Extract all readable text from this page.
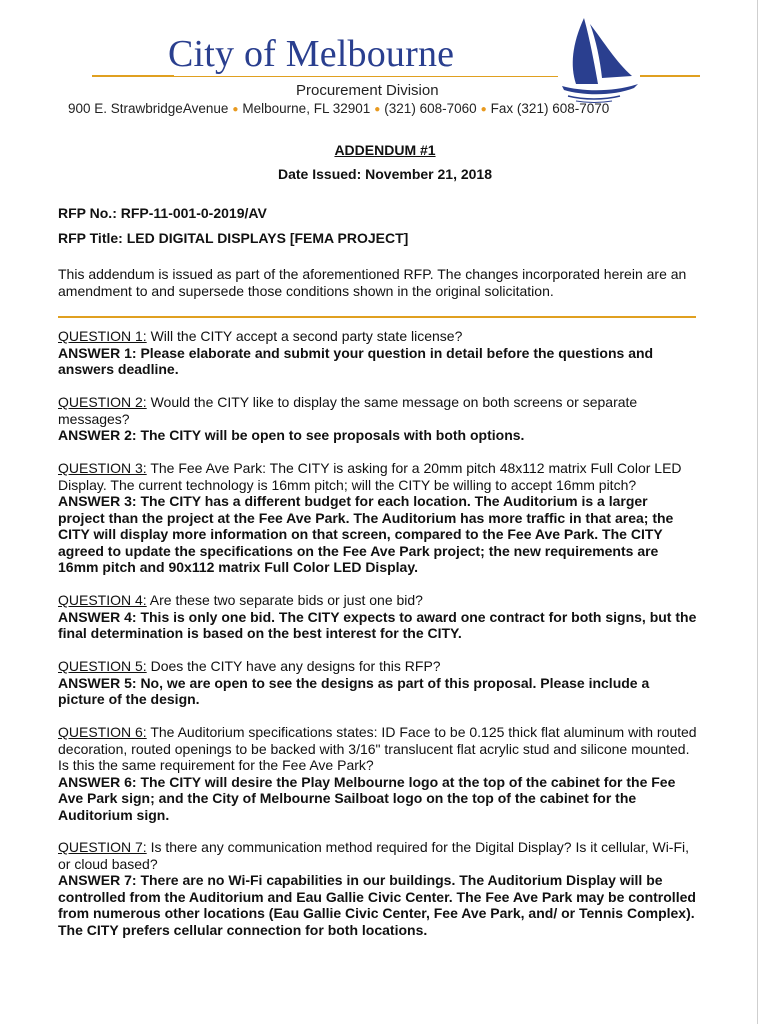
City of Melbourne
Procurement Division
900 E. StrawbridgeAvenue ● Melbourne, FL 32901 ● (321) 608-7060 ● Fax (321) 608-7070
ADDENDUM #1
Date Issued: November 21, 2018
RFP No.: RFP-11-001-0-2019/AV
RFP Title: LED DIGITAL DISPLAYS [FEMA PROJECT]
This addendum is issued as part of the aforementioned RFP. The changes incorporated herein are an amendment to and supersede those conditions shown in the original solicitation.
QUESTION 1: Will the CITY accept a second party state license?
ANSWER 1: Please elaborate and submit your question in detail before the questions and answers deadline.
QUESTION 2: Would the CITY like to display the same message on both screens or separate messages?
ANSWER 2: The CITY will be open to see proposals with both options.
QUESTION 3: The Fee Ave Park: The CITY is asking for a 20mm pitch 48x112 matrix Full Color LED Display. The current technology is 16mm pitch; will the CITY be willing to accept 16mm pitch?
ANSWER 3: The CITY has a different budget for each location. The Auditorium is a larger project than the project at the Fee Ave Park. The Auditorium has more traffic in that area; the CITY will display more information on that screen, compared to the Fee Ave Park. The CITY agreed to update the specifications on the Fee Ave Park project; the new requirements are 16mm pitch and 90x112 matrix Full Color LED Display.
QUESTION 4: Are these two separate bids or just one bid?
ANSWER 4: This is only one bid. The CITY expects to award one contract for both signs, but the final determination is based on the best interest for the CITY.
QUESTION 5: Does the CITY have any designs for this RFP?
ANSWER 5: No, we are open to see the designs as part of this proposal. Please include a picture of the design.
QUESTION 6: The Auditorium specifications states: ID Face to be 0.125 thick flat aluminum with routed decoration, routed openings to be backed with 3/16" translucent flat acrylic stud and silicone mounted. Is this the same requirement for the Fee Ave Park?
ANSWER 6: The CITY will desire the Play Melbourne logo at the top of the cabinet for the Fee Ave Park sign; and the City of Melbourne Sailboat logo on the top of the cabinet for the Auditorium sign.
QUESTION 7: Is there any communication method required for the Digital Display? Is it cellular, Wi-Fi, or cloud based?
ANSWER 7: There are no Wi-Fi capabilities in our buildings. The Auditorium Display will be controlled from the Auditorium and Eau Gallie Civic Center. The Fee Ave Park may be controlled from numerous other locations (Eau Gallie Civic Center, Fee Ave Park, and/ or Tennis Complex). The CITY prefers cellular connection for both locations.
